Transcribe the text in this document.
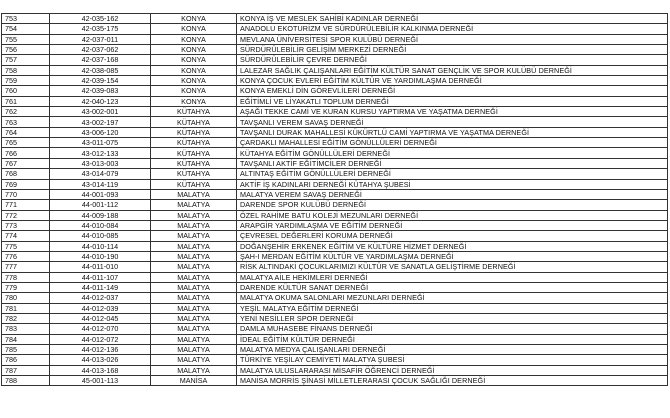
753	42-035-162	KONYA	KONYA İŞ VE MESLEK SAHİBİ KADINLAR DERNEĞİ
754	42-035-175	KONYA	ANADOLU EKOTURİZM VE SÜRDÜRÜLEBİLİR KALKINMA DERNEĞİ
755	42-037-011	KONYA	MEVLANA ÜNİVERSİTESİ SPOR KULÜBÜ DERNEĞİ
756	42-037-062	KONYA	SÜRDÜRÜLEBİLİR GELİŞİM MERKEZİ DERNEĞİ
757	42-037-168	KONYA	SÜRDÜRÜLEBİLİR ÇEVRE DERNEĞİ
758	42-038-085	KONYA	LALEZAR SAĞLIK ÇALIŞANLARI EĞİTİM KÜLTÜR SANAT GENÇLİK VE SPOR KULÜBÜ DERNEĞİ
759	42-039-154	KONYA	KONYA ÇOCUK EVLERİ EĞİTİM KÜLTÜR VE YARDIMLAŞMA DERNEĞİ
760	42-039-083	KONYA	KONYA EMEKLİ DİN GÖREVLİLERİ DERNEĞİ
761	42-040-123	KONYA	EĞİTİMLİ VE LİYAKATLI TOPLUM DERNEĞİ
762	43-002-001	KÜTAHYA	AŞAĞI TEKKE CAMİ VE KURAN KURSU YAPTIRMA VE YAŞATMA DERNEĞİ
763	43-002-197	KÜTAHYA	TAVŞANLI VEREM SAVAŞ DERNEĞİ
764	43-006-120	KÜTAHYA	TAVŞANLI DURAK MAHALLESİ KÜKÜRTLÜ CAMİ YAPTIRMA VE YAŞATMA DERNEĞİ
765	43-011-075	KÜTAHYA	ÇARDAKLI MAHALLESİ EĞİTİM GÖNÜLLÜLERİ DERNEĞİ
766	43-012-133	KÜTAHYA	KÜTAHYA EĞİTİM GÖNÜLLÜLERİ DERNEĞİ
767	43-013-003	KÜTAHYA	TAVŞANLI AKTİF EĞİTİMCİLER DERNEĞİ
768	43-014-079	KÜTAHYA	ALTINTAŞ EĞİTİM GÖNÜLLÜLERİ DERNEĞİ
769	43-014-119	KÜTAHYA	AKTİF İŞ KADINLARI DERNEĞİ KÜTAHYA ŞUBESİ
770	44-001-093	MALATYA	MALATYA VEREM SAVAŞ DERNEĞİ
771	44-001-112	MALATYA	DARENDE SPOR KULÜBÜ DERNEĞİ
772	44-009-188	MALATYA	ÖZEL RAHİME BATU KOLEJİ MEZUNLARI DERNEĞİ
773	44-010-084	MALATYA	ARAPGİR YARDIMLAŞMA VE EĞİTİM DERNEĞİ
774	44-010-085	MALATYA	ÇEVRESEL DEĞERLERİ KORUMA DERNEĞİ
775	44-010-114	MALATYA	DOĞANŞEHİR ERKENEK EĞİTİM VE KÜLTÜRE HİZMET DERNEĞİ
776	44-010-190	MALATYA	ŞAH-I MERDAN EĞİTİM KÜLTÜR VE YARDIMLAŞMA DERNEĞİ
777	44-011-010	MALATYA	RİSK ALTINDAKİ ÇOCUKLARIMIZI KÜLTÜR VE SANATLA GELİŞTİRME DERNEĞİ
778	44-011-107	MALATYA	MALATYA AİLE HEKİMLERİ DERNEĞİ
779	44-011-149	MALATYA	DARENDE KÜLTÜR SANAT DERNEĞİ
780	44-012-037	MALATYA	MALATYA OKUMA SALONLARI MEZUNLARI DERNEĞİ
781	44-012-039	MALATYA	YEŞİL MALATYA EĞİTİM DERNEĞİ
782	44-012-045	MALATYA	YENİ NESİLLER SPOR DERNEĞİ
783	44-012-070	MALATYA	DAMLA MUHASEBE FİNANS DERNEĞİ
784	44-012-072	MALATYA	İDEAL EĞİTİM KÜLTÜR DERNEĞİ
785	44-012-136	MALATYA	MALATYA MEDYA ÇALIŞANLARI DERNEĞİ
786	44-013-026	MALATYA	TÜRKİYE YEŞİLAY CEMİYETİ MALATYA ŞUBESİ
787	44-013-168	MALATYA	MALATYA ULUSLARARASI MİSAFİR ÖĞRENCİ DERNEĞİ
788	45-001-113	MANİSA	MANİSA MORRİS ŞİNASİ MİLLETLERARASI ÇOCUK SAĞLIĞI DERNEĞİ
